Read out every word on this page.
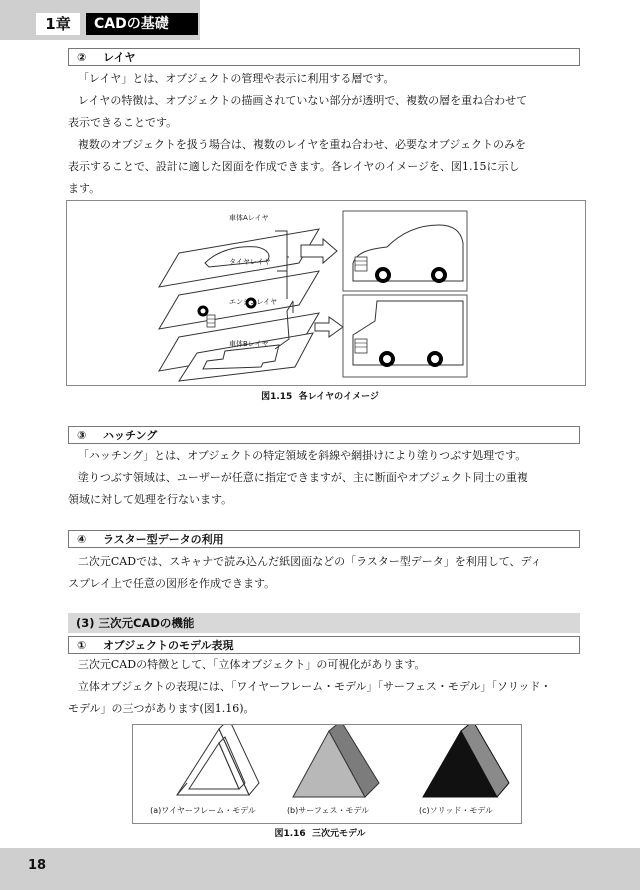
1章	CADの基礎
② レイヤ
「レイヤ」とは、オブジェクトの管理や表示に利用する層です。
レイヤの特徴は、オブジェクトの描画されていない部分が透明で、複数の層を重ね合わせて
表示できることです。
複数のオブジェクトを扱う場合は、複数のレイヤを重ね合わせ、必要なオブジェクトのみを
表示することで、設計に適した図面を作成できます。各レイヤのイメージを、図1.15に示し
ます。
車体Aレイヤ
タイヤレイヤ
エンジンレイヤ
車体Bレイヤ
図1.15 各レイヤのイメージ
③ ハッチング
「ハッチング」とは、オブジェクトの特定領域を斜線や網掛けにより塗りつぶす処理です。
塗りつぶす領域は、ユーザーが任意に指定できますが、主に断面やオブジェクト同士の重複
領域に対して処理を行ないます。
④ ラスター型データの利用
二次元CADでは、スキャナで読み込んだ紙図面などの「ラスター型データ」を利用して、ディ
スプレイ上で任意の図形を作成できます。
(3) 三次元CADの機能
① オブジェクトのモデル表現
三次元CADの特徴として、「立体オブジェクト」の可視化があります。
立体オブジェクトの表現には、「ワイヤーフレーム・モデル」「サーフェス・モデル」「ソリッド・
モデル」の三つがあります(図1.16)。
(a)ワイヤーフレーム・モデル	(b)サーフェス・モデル	(c)ソリッド・モデル
図1.16 三次元モデル
18
